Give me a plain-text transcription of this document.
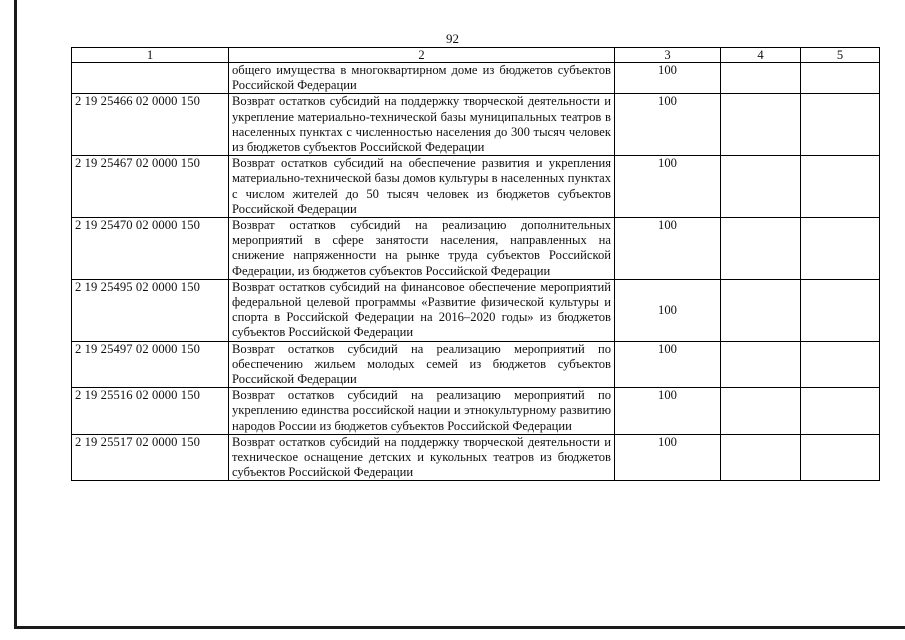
92
1	2	3	4	5
	общего имущества в многоквартирном доме из бюджетов субъектов Российской Федерации	100		
2 19 25466 02 0000 150	Возврат остатков субсидий на поддержку творческой деятельности и укрепление материально-технической базы муниципальных театров в населенных пунктах с численностью населения до 300 тысяч человек из бюджетов субъектов Российской Федерации	100		
2 19 25467 02 0000 150	Возврат остатков субсидий на обеспечение развития и укрепления материально-технической базы домов культуры в населенных пунктах с числом жителей до 50 тысяч человек из бюджетов субъектов Российской Федерации	100		
2 19 25470 02 0000 150	Возврат остатков субсидий на реализацию дополнительных мероприятий в сфере занятости населения, направленных на снижение напряженности на рынке труда субъектов Российской Федерации, из бюджетов субъектов Российской Федерации	100		
2 19 25495 02 0000 150	Возврат остатков субсидий на финансовое обеспечение мероприятий федеральной целевой программы «Развитие физической культуры и спорта в Российской Федерации на 2016–2020 годы» из бюджетов субъектов Российской Федерации	100		
2 19 25497 02 0000 150	Возврат остатков субсидий на реализацию мероприятий по обеспечению жильем молодых семей из бюджетов субъектов Российской Федерации	100		
2 19 25516 02 0000 150	Возврат остатков субсидий на реализацию мероприятий по укреплению единства российской нации и этнокультурному развитию народов России из бюджетов субъектов Российской Федерации	100		
2 19 25517 02 0000 150	Возврат остатков субсидий на поддержку творческой деятельности и техническое оснащение детских и кукольных театров из бюджетов субъектов Российской Федерации	100		
